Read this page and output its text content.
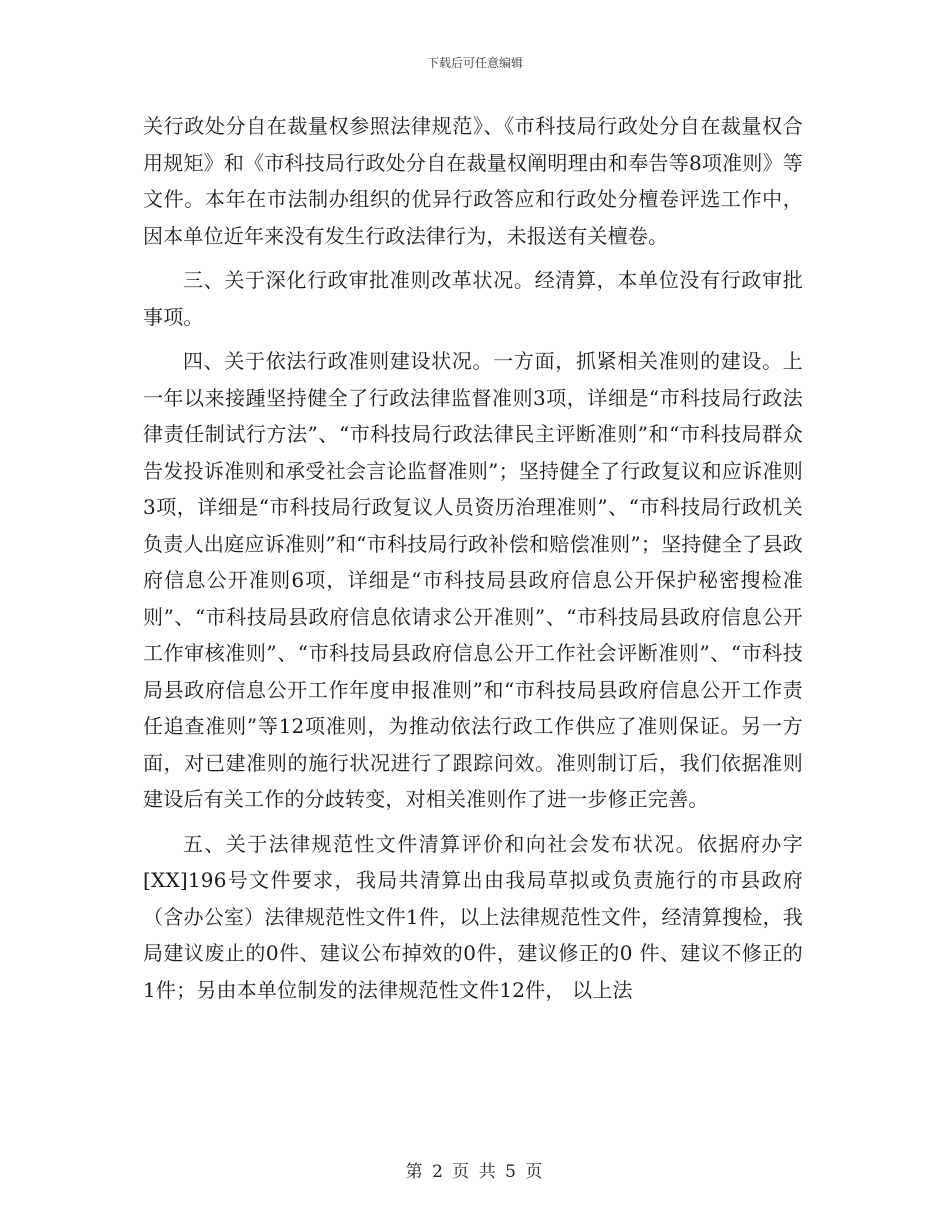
下载后可任意编辑

关行政处分自在裁量权参照法律规范》、《市科技局行政处分自在裁量权合用规矩》和《市科技局行政处分自在裁量权阐明理由和奉告等8项准则》等文件。本年在市法制办组织的优异行政答应和行政处分檀卷评选工作中，因本单位近年来没有发生行政法律行为，未报送有关檀卷。

三、关于深化行政审批准则改革状况。经清算，本单位没有行政审批事项。

四、关于依法行政准则建设状况。一方面，抓紧相关准则的建设。上一年以来接踵坚持健全了行政法律监督准则3项，详细是“市科技局行政法律责任制试行方法”、“市科技局行政法律民主评断准则”和“市科技局群众告发投诉准则和承受社会言论监督准则”；坚持健全了行政复议和应诉准则3项，详细是“市科技局行政复议人员资历治理准则”、“市科技局行政机关负责人出庭应诉准则”和“市科技局行政补偿和赔偿准则”；坚持健全了县政府信息公开准则6项，详细是“市科技局县政府信息公开保护秘密搜检准则”、“市科技局县政府信息依请求公开准则”、“市科技局县政府信息公开工作审核准则”、“市科技局县政府信息公开工作社会评断准则”、“市科技局县政府信息公开工作年度申报准则”和“市科技局县政府信息公开工作责任追查准则”等12项准则，为推动依法行政工作供应了准则保证。另一方面，对已建准则的施行状况进行了跟踪问效。准则制订后，我们依据准则建设后有关工作的分歧转变，对相关准则作了进一步修正完善。

五、关于法律规范性文件清算评价和向社会发布状况。依据府办字[XX]196号文件要求，我局共清算出由我局草拟或负责施行的市县政府（含办公室）法律规范性文件1件，以上法律规范性文件，经清算搜检，我局建议废止的0件、建议公布掉效的0件，建议修正的0 件、建议不修正的1件；另由本单位制发的法律规范性文件12件， 以上法

第 2 页 共 5 页
